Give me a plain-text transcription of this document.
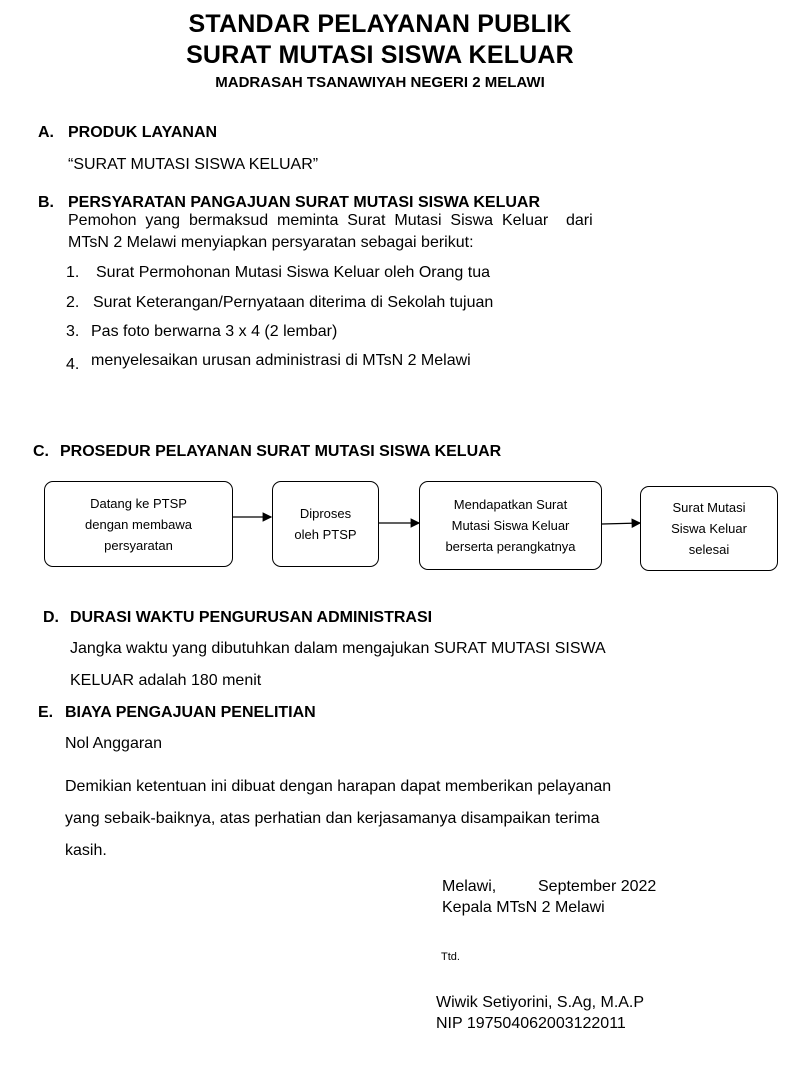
STANDAR PELAYANAN PUBLIK
SURAT MUTASI SISWA KELUAR
MADRASAH TSANAWIYAH NEGERI 2 MELAWI
A. PRODUK LAYANAN
“SURAT MUTASI SISWA KELUAR”
B. PERSYARATAN PANGAJUAN SURAT MUTASI SISWA KELUAR
Pemohon  yang  bermaksud  meminta  Surat  Mutasi  Siswa  Keluar    dari
MTsN 2 Melawi menyiapkan persyaratan sebagai berikut:
1. Surat Permohonan Mutasi Siswa Keluar oleh Orang tua
2. Surat Keterangan/Pernyataan diterima di Sekolah tujuan
3. Pas foto berwarna 3 x 4 (2 lembar)
4. menyelesaikan urusan administrasi di MTsN 2 Melawi
C. PROSEDUR PELAYANAN SURAT MUTASI SISWA KELUAR
Datang ke PTSP
dengan membawa
persyaratan
Diproses
oleh PTSP
Mendapatkan Surat
Mutasi Siswa Keluar
berserta perangkatnya
Surat Mutasi
Siswa Keluar
selesai
D. DURASI WAKTU PENGURUSAN ADMINISTRASI
Jangka waktu yang dibutuhkan dalam mengajukan SURAT MUTASI SISWA
KELUAR adalah 180 menit
E. BIAYA PENGAJUAN PENELITIAN
Nol Anggaran
Demikian ketentuan ini dibuat dengan harapan dapat memberikan pelayanan
yang sebaik-baiknya, atas perhatian dan kerjasamanya disampaikan terima
kasih.
Melawi,	September 2022
Kepala MTsN 2 Melawi
Ttd.
Wiwik Setiyorini, S.Ag, M.A.P
NIP 197504062003122011
